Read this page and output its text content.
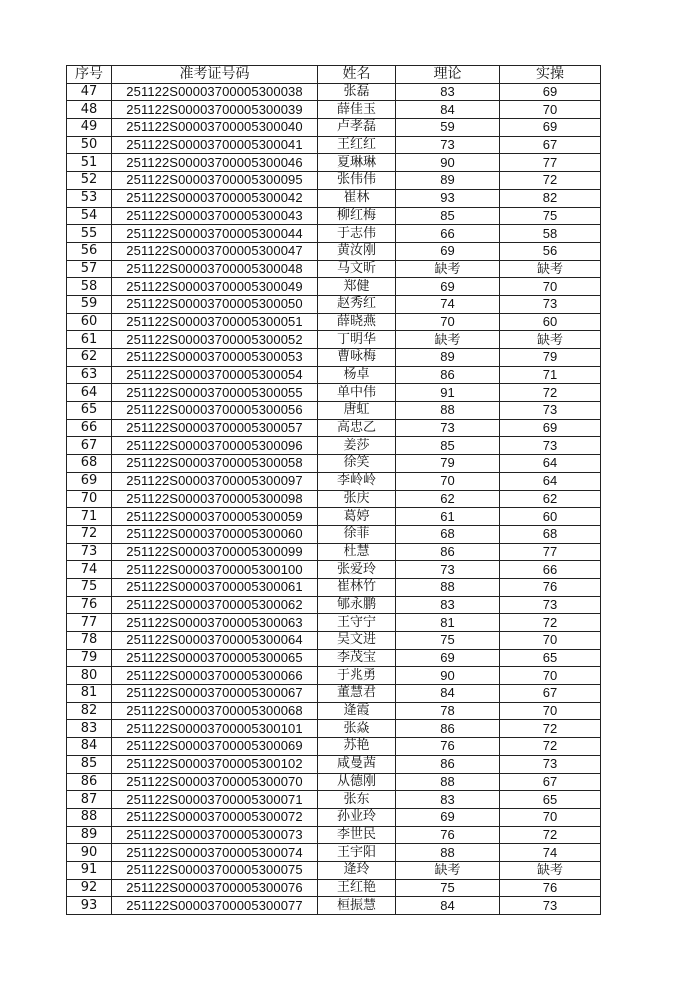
序号	准考证号码	姓名	理论	实操
47	251122S00003700005300038	张磊	83	69
48	251122S00003700005300039	薛佳玉	84	70
49	251122S00003700005300040	卢孝磊	59	69
50	251122S00003700005300041	王红红	73	67
51	251122S00003700005300046	夏琳琳	90	77
52	251122S00003700005300095	张伟伟	89	72
53	251122S00003700005300042	崔林	93	82
54	251122S00003700005300043	柳红梅	85	75
55	251122S00003700005300044	于志伟	66	58
56	251122S00003700005300047	黄汝刚	69	56
57	251122S00003700005300048	马文昕	缺考	缺考
58	251122S00003700005300049	郑健	69	70
59	251122S00003700005300050	赵秀红	74	73
60	251122S00003700005300051	薛晓燕	70	60
61	251122S00003700005300052	丁明华	缺考	缺考
62	251122S00003700005300053	曹咏梅	89	79
63	251122S00003700005300054	杨卓	86	71
64	251122S00003700005300055	单中伟	91	72
65	251122S00003700005300056	唐虹	88	73
66	251122S00003700005300057	高忠乙	73	69
67	251122S00003700005300096	姜莎	85	73
68	251122S00003700005300058	徐笑	79	64
69	251122S00003700005300097	李岭岭	70	64
70	251122S00003700005300098	张庆	62	62
71	251122S00003700005300059	葛婷	61	60
72	251122S00003700005300060	徐菲	68	68
73	251122S00003700005300099	杜慧	86	77
74	251122S00003700005300100	张爱玲	73	66
75	251122S00003700005300061	崔林竹	88	76
76	251122S00003700005300062	郇永鹏	83	73
77	251122S00003700005300063	王守宁	81	72
78	251122S00003700005300064	吴文进	75	70
79	251122S00003700005300065	李茂宝	69	65
80	251122S00003700005300066	于兆勇	90	70
81	251122S00003700005300067	董慧君	84	67
82	251122S00003700005300068	逄霞	78	70
83	251122S00003700005300101	张焱	86	72
84	251122S00003700005300069	苏艳	76	72
85	251122S00003700005300102	咸曼茜	86	73
86	251122S00003700005300070	从德刚	88	67
87	251122S00003700005300071	张东	83	65
88	251122S00003700005300072	孙业玲	69	70
89	251122S00003700005300073	李世民	76	72
90	251122S00003700005300074	王宇阳	88	74
91	251122S00003700005300075	逄玲	缺考	缺考
92	251122S00003700005300076	王红艳	75	76
93	251122S00003700005300077	桓振慧	84	73
